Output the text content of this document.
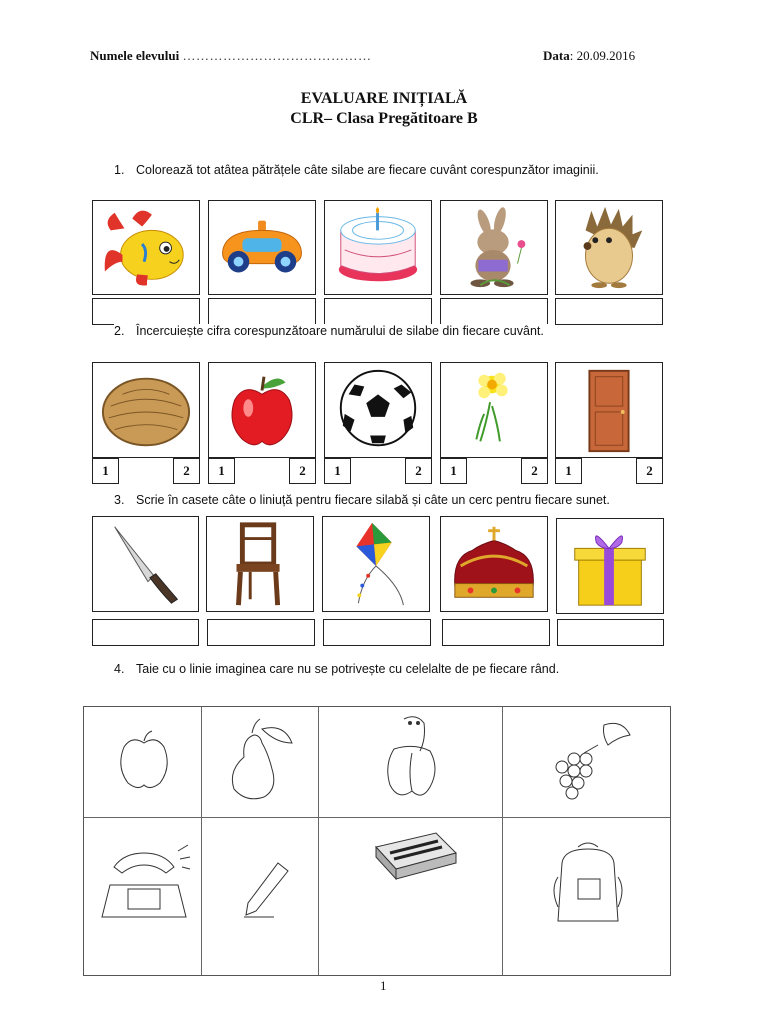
Numele elevului ……………………………………	Data: 20.09.2016
EVALUARE INIȚIALĂ
CLR– Clasa Pregătitoare B
1. Colorează tot atâtea pătrățele câte silabe are fiecare cuvânt corespunzător imaginii.
2. Încercuiește cifra corespunzătoare numărului de silabe din fiecare cuvânt.
1	2	1	2	1	2	1	2	1	2
3. Scrie în casete câte o liniuță pentru fiecare silabă și câte un cerc pentru fiecare sunet.
4. Taie cu o linie imaginea care nu se potrivește cu celelalte de pe fiecare rând.
1
